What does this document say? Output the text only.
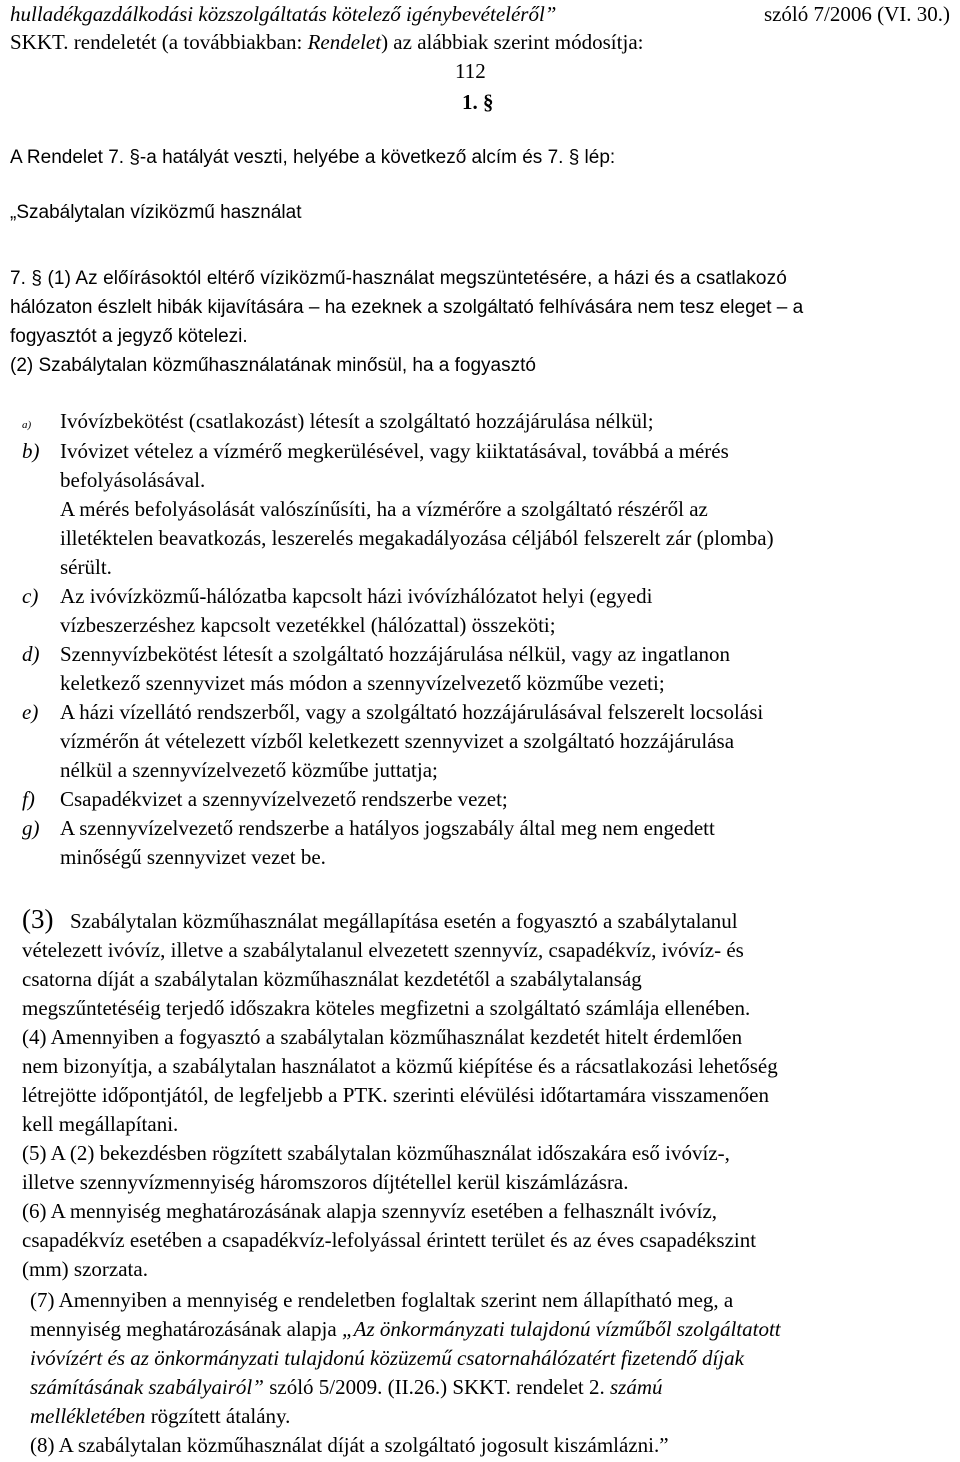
hulladékgazdálkodási közszolgáltatás kötelező igénybevételéről”	szóló 7/2006 (VI. 30.)
SKKT. rendeletét (a továbbiakban: Rendelet) az alábbiak szerint módosítja:
112
1. §
A Rendelet 7. §-a hatályát veszti, helyébe a következő alcím és 7. § lép:
„Szabálytalan víziközmű használat
7. § (1) Az előírásoktól eltérő víziközmű-használat megszüntetésére, a házi és a csatlakozó
hálózaton észlelt hibák kijavítására – ha ezeknek a szolgáltató felhívására nem tesz eleget – a
fogyasztót a jegyző kötelezi.
(2) Szabálytalan közműhasználatának minősül, ha a fogyasztó
a) Ivóvízbekötést (csatlakozást) létesít a szolgáltató hozzájárulása nélkül;
b) Ivóvizet vételez a vízmérő megkerülésével, vagy kiiktatásával, továbbá a mérés
befolyásolásával.
A mérés befolyásolását valószínűsíti, ha a vízmérőre a szolgáltató részéről az
illetéktelen beavatkozás, leszerelés megakadályozása céljából felszerelt zár (plomba)
sérült.
c) Az ivóvízközmű-hálózatba kapcsolt házi ivóvízhálózatot helyi (egyedi
vízbeszerzéshez kapcsolt vezetékkel (hálózattal) összeköti;
d) Szennyvízbekötést létesít a szolgáltató hozzájárulása nélkül, vagy az ingatlanon
keletkező szennyvizet más módon a szennyvízelvezető közműbe vezeti;
e) A házi vízellátó rendszerből, vagy a szolgáltató hozzájárulásával felszerelt locsolási
vízmérőn át vételezett vízből keletkezett szennyvizet a szolgáltató hozzájárulása
nélkül a szennyvízelvezető közműbe juttatja;
f) Csapadékvizet a szennyvízelvezető rendszerbe vezet;
g) A szennyvízelvezető rendszerbe a hatályos jogszabály által meg nem engedett
minőségű szennyvizet vezet be.
(3) Szabálytalan közműhasználat megállapítása esetén a fogyasztó a szabálytalanul
vételezett ivóvíz, illetve a szabálytalanul elvezetett szennyvíz, csapadékvíz, ivóvíz- és
csatorna díját a szabálytalan közműhasználat kezdetétől a szabálytalanság
megszűntetéséig terjedő időszakra köteles megfizetni a szolgáltató számlája ellenében.
(4) Amennyiben a fogyasztó a szabálytalan közműhasználat kezdetét hitelt érdemlően
nem bizonyítja, a szabálytalan használatot a közmű kiépítése és a rácsatlakozási lehetőség
létrejötte időpontjától, de legfeljebb a PTK. szerinti elévülési időtartamára visszamenően
kell megállapítani.
(5) A (2) bekezdésben rögzített szabálytalan közműhasználat időszakára eső ivóvíz-,
illetve szennyvízmennyiség háromszoros díjtétellel kerül kiszámlázásra.
(6) A mennyiség meghatározásának alapja szennyvíz esetében a felhasznált ivóvíz,
csapadékvíz esetében a csapadékvíz-lefolyással érintett terület és az éves csapadékszint
(mm) szorzata.
(7) Amennyiben a mennyiség e rendeletben foglaltak szerint nem állapítható meg, a
mennyiség meghatározásának alapja „Az önkormányzati tulajdonú vízműből szolgáltatott
ivóvízért és az önkormányzati tulajdonú közüzemű csatornahálózatért fizetendő díjak
számításának szabályairól” szóló 5/2009. (II.26.) SKKT. rendelet 2. számú
mellékletében rögzített átalány.
(8) A szabálytalan közműhasználat díját a szolgáltató jogosult kiszámlázni.”
